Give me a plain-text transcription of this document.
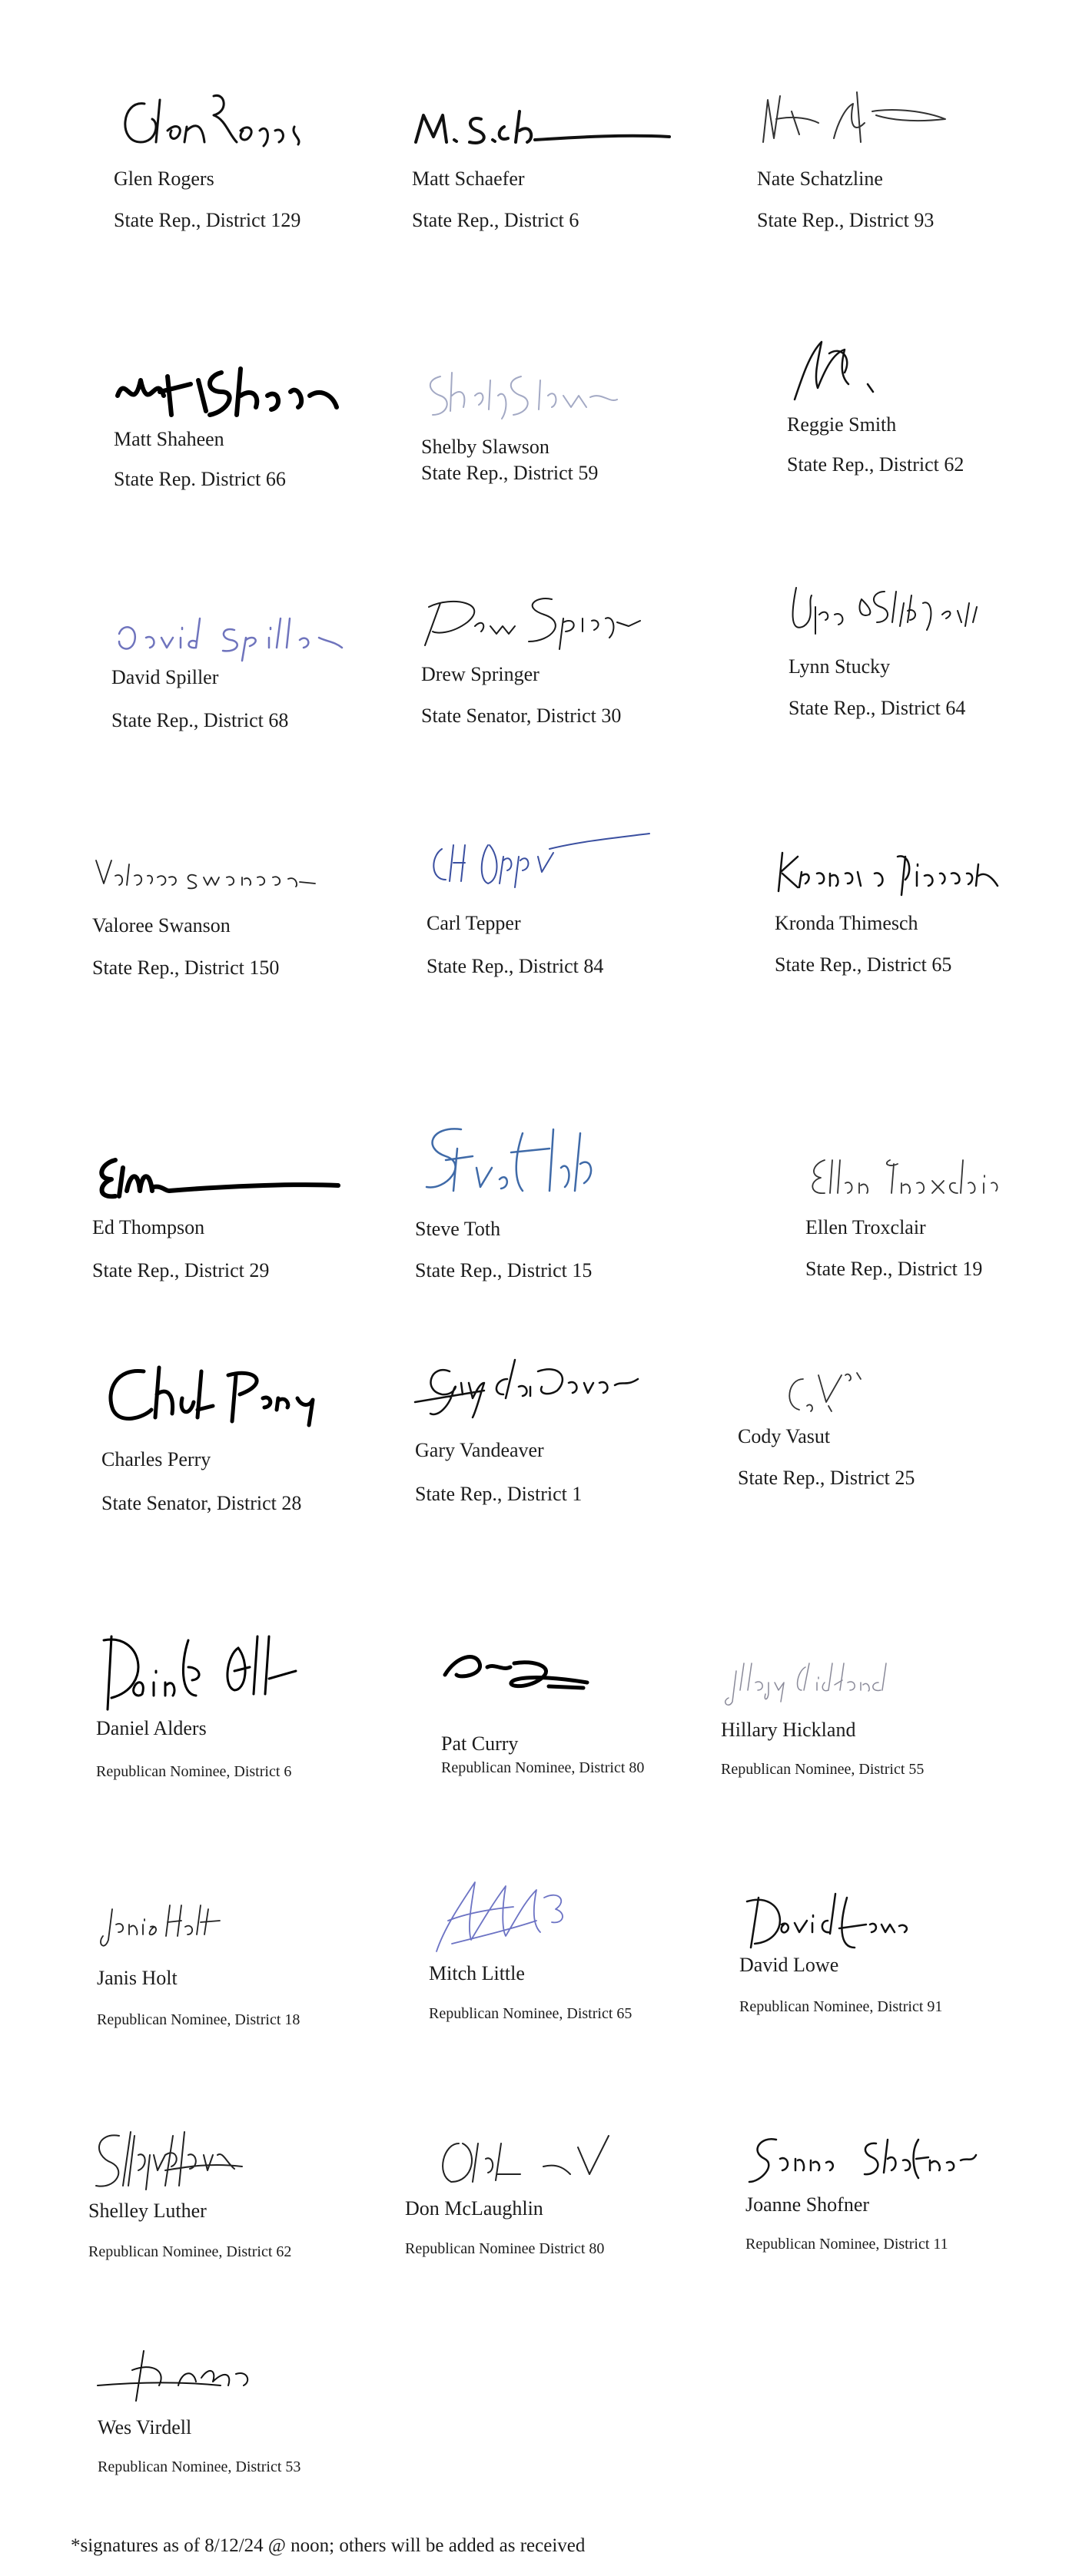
Glen Rogers
State Rep., District 129
Matt Schaefer
State Rep., District 6
Nate Schatzline
State Rep., District 93
Matt Shaheen
State Rep. District 66
Shelby Slawson
State Rep., District 59
Reggie Smith
State Rep., District 62
David Spiller
State Rep., District 68
Drew Springer
State Senator, District 30
Lynn Stucky
State Rep., District 64
Valoree Swanson
State Rep., District 150
Carl Tepper
State Rep., District 84
Kronda Thimesch
State Rep., District 65
Ed Thompson
State Rep., District 29
Steve Toth
State Rep., District 15
Ellen Troxclair
State Rep., District 19
Charles Perry
State Senator, District 28
Gary Vandeaver
State Rep., District 1
Cody Vasut
State Rep., District 25
Daniel Alders
Republican Nominee, District 6
Pat Curry
Republican Nominee, District 80
Hillary Hickland
Republican Nominee, District 55
Janis Holt
Republican Nominee, District 18
Mitch Little
Republican Nominee, District 65
David Lowe
Republican Nominee, District 91
Shelley Luther
Republican Nominee, District 62
Don McLaughlin
Republican Nominee District 80
Joanne Shofner
Republican Nominee, District 11
Wes Virdell
Republican Nominee, District 53
*signatures as of 8/12/24 @ noon; others will be added as received
